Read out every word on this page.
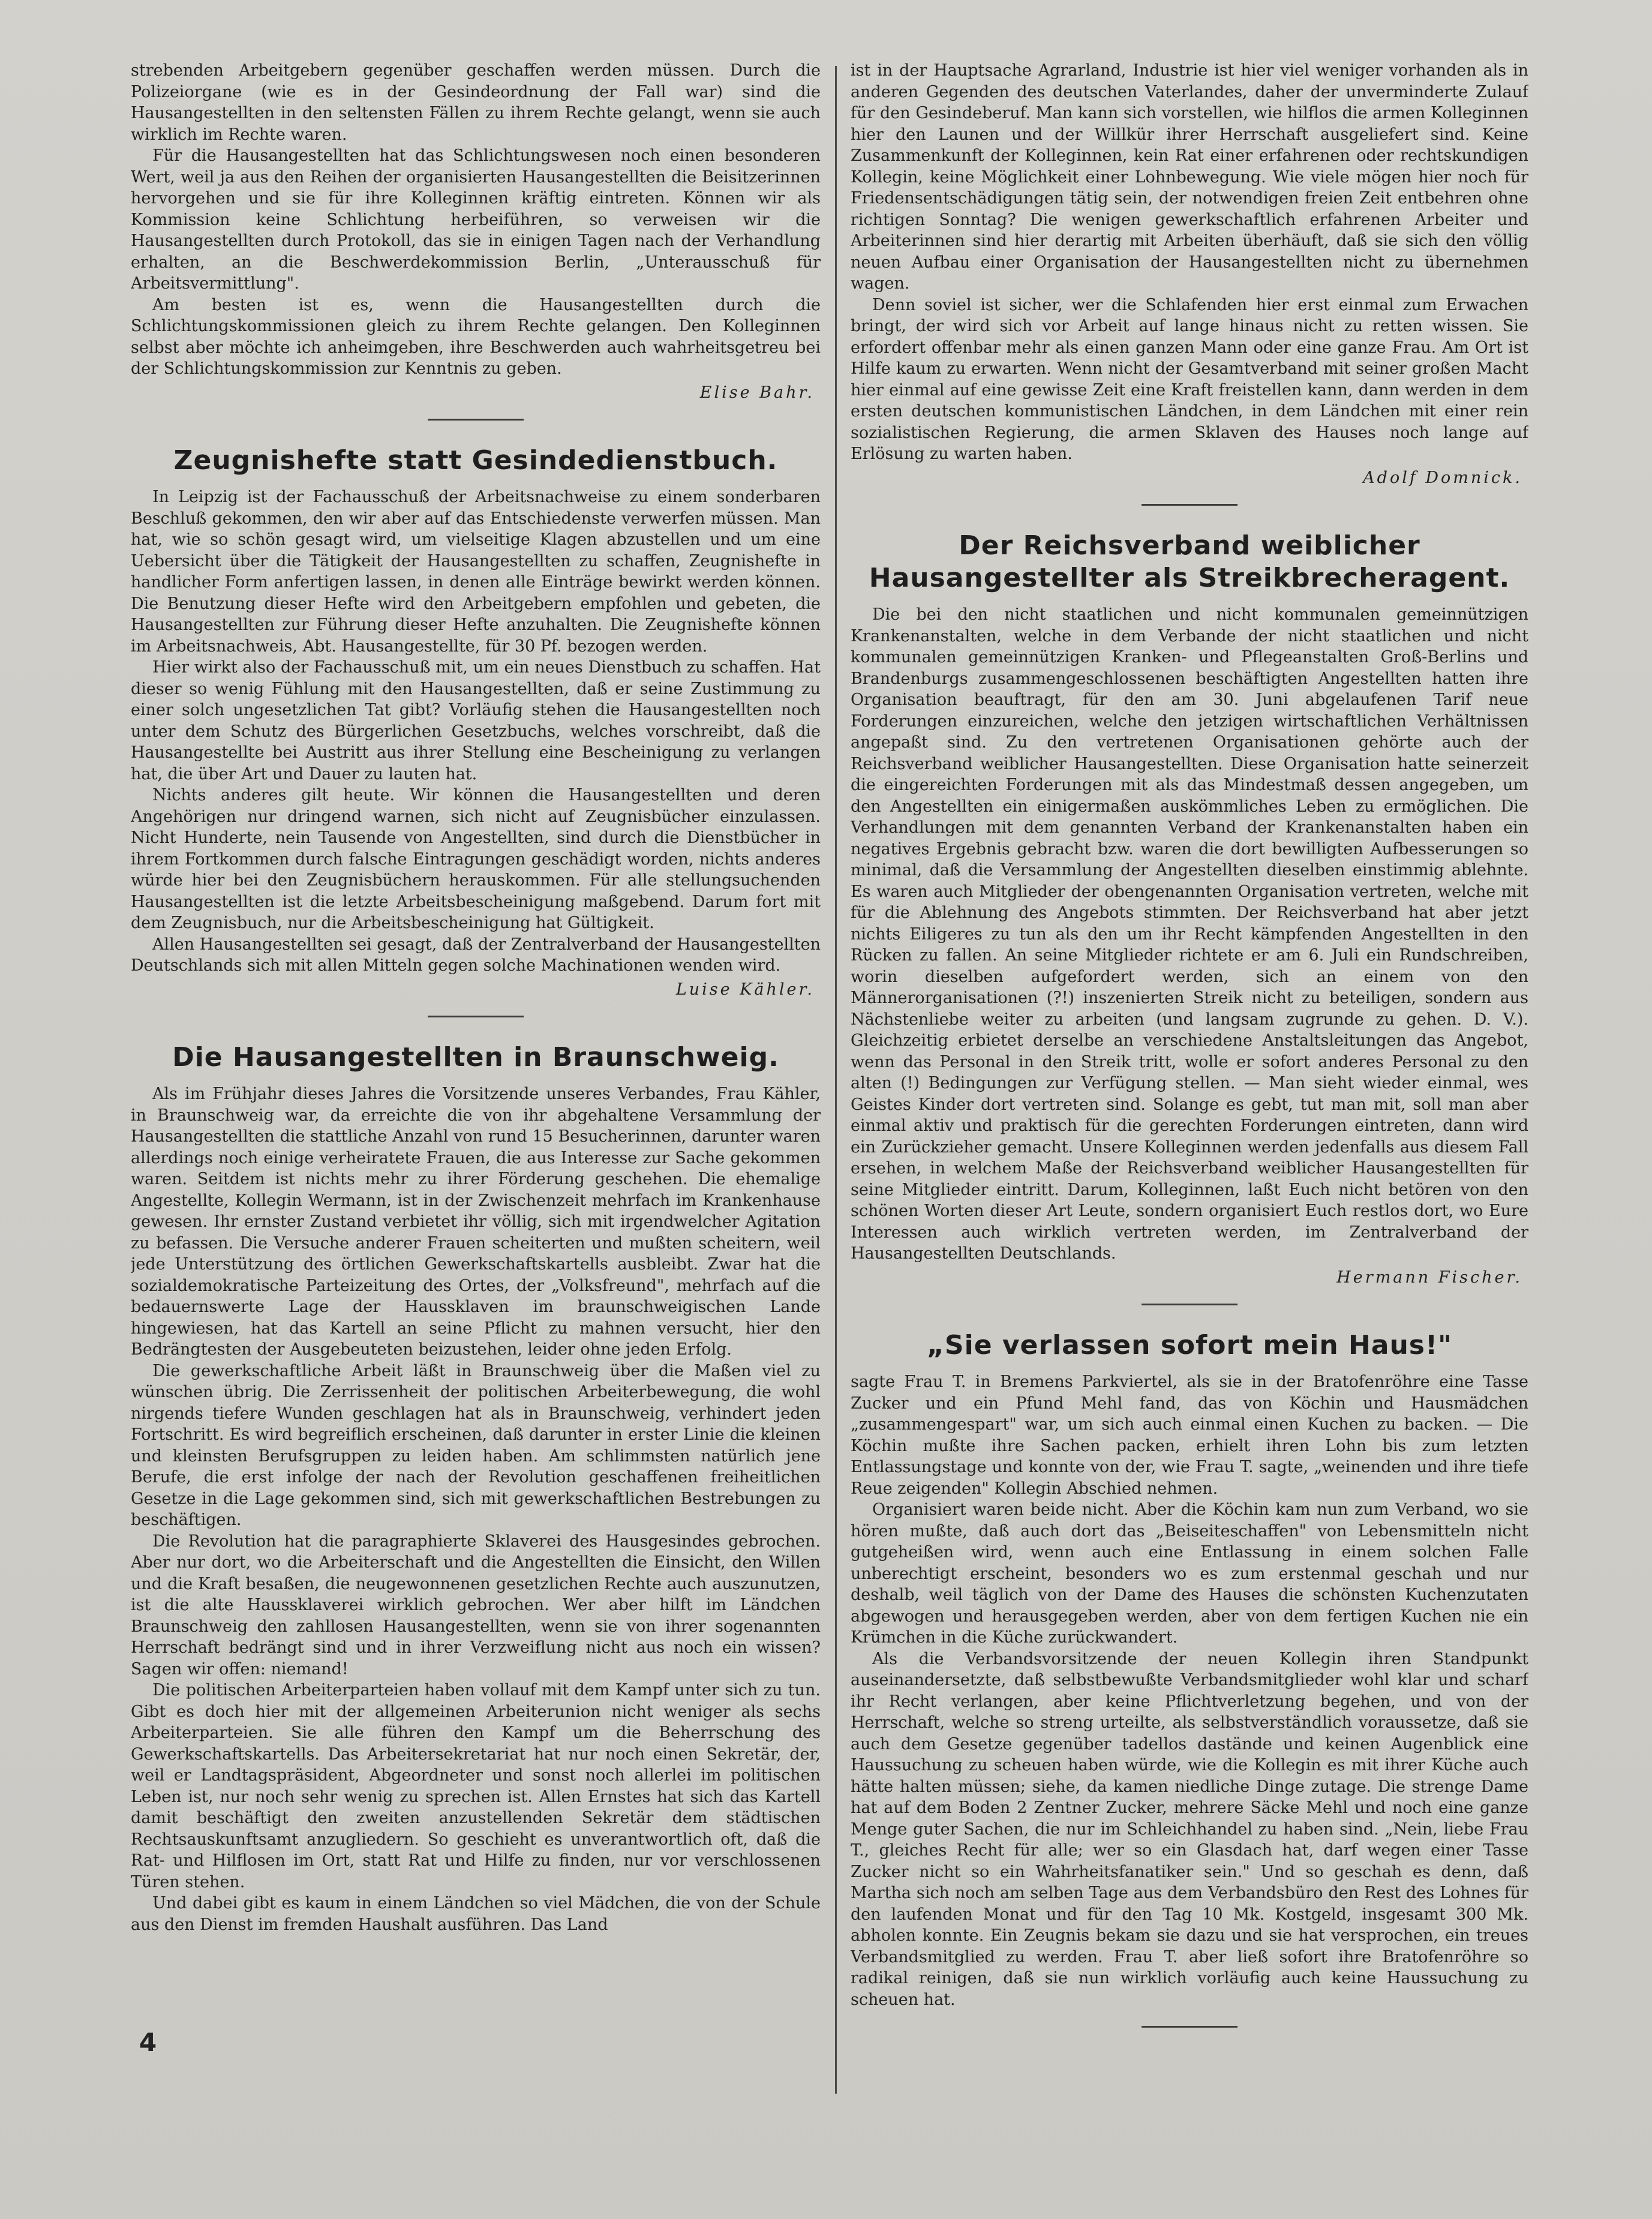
strebenden Arbeitgebern gegenüber geschaffen werden müssen. Durch die Polizeiorgane (wie es in der Gesindeordnung der Fall war) sind die Hausangestellten in den seltensten Fällen zu ihrem Rechte gelangt, wenn sie auch wirklich im Rechte waren.

Für die Hausangestellten hat das Schlichtungswesen noch einen besonderen Wert, weil ja aus den Reihen der organisierten Hausangestellten die Beisitzerinnen hervorgehen und sie für ihre Kolleginnen kräftig eintreten. Können wir als Kommission keine Schlichtung herbeiführen, so verweisen wir die Hausangestellten durch Protokoll, das sie in einigen Tagen nach der Verhandlung erhalten, an die Beschwerdekommission Berlin, „Unterausschuß für Arbeitsvermittlung".

Am besten ist es, wenn die Hausangestellten durch die Schlichtungskommissionen gleich zu ihrem Rechte gelangen. Den Kolleginnen selbst aber möchte ich anheimgeben, ihre Beschwerden auch wahrheitsgetreu bei der Schlichtungskommission zur Kenntnis zu geben.

Elise Bahr.
Zeugnishefte statt Gesindedienstbuch.

In Leipzig ist der Fachausschuß der Arbeitsnachweise zu einem sonderbaren Beschluß gekommen, den wir aber auf das Entschiedenste verwerfen müssen. Man hat, wie so schön gesagt wird, um vielseitige Klagen abzustellen und um eine Uebersicht über die Tätigkeit der Hausangestellten zu schaffen, Zeugnishefte in handlicher Form anfertigen lassen, in denen alle Einträge bewirkt werden können. Die Benutzung dieser Hefte wird den Arbeitgebern empfohlen und gebeten, die Hausangestellten zur Führung dieser Hefte anzuhalten. Die Zeugnishefte können im Arbeitsnachweis, Abt. Hausangestellte, für 30 Pf. bezogen werden.

Hier wirkt also der Fachausschuß mit, um ein neues Dienstbuch zu schaffen. Hat dieser so wenig Fühlung mit den Hausangestellten, daß er seine Zustimmung zu einer solch ungesetzlichen Tat gibt? Vorläufig stehen die Hausangestellten noch unter dem Schutz des Bürgerlichen Gesetzbuchs, welches vorschreibt, daß die Hausangestellte bei Austritt aus ihrer Stellung eine Bescheinigung zu verlangen hat, die über Art und Dauer zu lauten hat.

Nichts anderes gilt heute. Wir können die Hausangestellten und deren Angehörigen nur dringend warnen, sich nicht auf Zeugnisbücher einzulassen. Nicht Hunderte, nein Tausende von Angestellten, sind durch die Dienstbücher in ihrem Fortkommen durch falsche Eintragungen geschädigt worden, nichts anderes würde hier bei den Zeugnisbüchern herauskommen. Für alle stellungsuchenden Hausangestellten ist die letzte Arbeitsbescheinigung maßgebend. Darum fort mit dem Zeugnisbuch, nur die Arbeitsbescheinigung hat Gültigkeit.

Allen Hausangestellten sei gesagt, daß der Zentralverband der Hausangestellten Deutschlands sich mit allen Mitteln gegen solche Machinationen wenden wird.

Luise Kähler.
Die Hausangestellten in Braunschweig.

Als im Frühjahr dieses Jahres die Vorsitzende unseres Verbandes, Frau Kähler, in Braunschweig war, da erreichte die von ihr abgehaltene Versammlung der Hausangestellten die stattliche Anzahl von rund 15 Besucherinnen, darunter waren allerdings noch einige verheiratete Frauen, die aus Interesse zur Sache gekommen waren. Seitdem ist nichts mehr zu ihrer Förderung geschehen. Die ehemalige Angestellte, Kollegin Wermann, ist in der Zwischenzeit mehrfach im Krankenhause gewesen. Ihr ernster Zustand verbietet ihr völlig, sich mit irgendwelcher Agitation zu befassen. Die Versuche anderer Frauen scheiterten und mußten scheitern, weil jede Unterstützung des örtlichen Gewerkschaftskartells ausbleibt. Zwar hat die sozialdemokratische Parteizeitung des Ortes, der „Volksfreund", mehrfach auf die bedauernswerte Lage der Haussklaven im braunschweigischen Lande hingewiesen, hat das Kartell an seine Pflicht zu mahnen versucht, hier den Bedrängtesten der Ausgebeuteten beizustehen, leider ohne jeden Erfolg.

Die gewerkschaftliche Arbeit läßt in Braunschweig über die Maßen viel zu wünschen übrig. Die Zerrissenheit der politischen Arbeiterbewegung, die wohl nirgends tiefere Wunden geschlagen hat als in Braunschweig, verhindert jeden Fortschritt. Es wird begreiflich erscheinen, daß darunter in erster Linie die kleinen und kleinsten Berufsgruppen zu leiden haben. Am schlimmsten natürlich jene Berufe, die erst infolge der nach der Revolution geschaffenen freiheitlichen Gesetze in die Lage gekommen sind, sich mit gewerkschaftlichen Bestrebungen zu beschäftigen.

Die Revolution hat die paragraphierte Sklaverei des Hausgesindes gebrochen. Aber nur dort, wo die Arbeiterschaft und die Angestellten die Einsicht, den Willen und die Kraft besaßen, die neugewonnenen gesetzlichen Rechte auch auszunutzen, ist die alte Haussklaverei wirklich gebrochen. Wer aber hilft im Ländchen Braunschweig den zahllosen Hausangestellten, wenn sie von ihrer sogenannten Herrschaft bedrängt sind und in ihrer Verzweiflung nicht aus noch ein wissen? Sagen wir offen: niemand!

Die politischen Arbeiterparteien haben vollauf mit dem Kampf unter sich zu tun. Gibt es doch hier mit der allgemeinen Arbeiterunion nicht weniger als sechs Arbeiterparteien. Sie alle führen den Kampf um die Beherrschung des Gewerkschaftskartells. Das Arbeitersekretariat hat nur noch einen Sekretär, der, weil er Landtagspräsident, Abgeordneter und sonst noch allerlei im politischen Leben ist, nur noch sehr wenig zu sprechen ist. Allen Ernstes hat sich das Kartell damit beschäftigt den zweiten anzustellenden Sekretär dem städtischen Rechtsauskunftsamt anzugliedern. So geschieht es unverantwortlich oft, daß die Rat- und Hilflosen im Ort, statt Rat und Hilfe zu finden, nur vor verschlossenen Türen stehen.

Und dabei gibt es kaum in einem Ländchen so viel Mädchen, die von der Schule aus den Dienst im fremden Haushalt ausführen. Das Land

ist in der Hauptsache Agrarland, Industrie ist hier viel weniger vorhanden als in anderen Gegenden des deutschen Vaterlandes, daher der unverminderte Zulauf für den Gesindeberuf. Man kann sich vorstellen, wie hilflos die armen Kolleginnen hier den Launen und der Willkür ihrer Herrschaft ausgeliefert sind. Keine Zusammenkunft der Kolleginnen, kein Rat einer erfahrenen oder rechtskundigen Kollegin, keine Möglichkeit einer Lohnbewegung. Wie viele mögen hier noch für Friedensentschädigungen tätig sein, der notwendigen freien Zeit entbehren ohne richtigen Sonntag? Die wenigen gewerkschaftlich erfahrenen Arbeiter und Arbeiterinnen sind hier derartig mit Arbeiten überhäuft, daß sie sich den völlig neuen Aufbau einer Organisation der Hausangestellten nicht zu übernehmen wagen.

Denn soviel ist sicher, wer die Schlafenden hier erst einmal zum Erwachen bringt, der wird sich vor Arbeit auf lange hinaus nicht zu retten wissen. Sie erfordert offenbar mehr als einen ganzen Mann oder eine ganze Frau. Am Ort ist Hilfe kaum zu erwarten. Wenn nicht der Gesamtverband mit seiner großen Macht hier einmal auf eine gewisse Zeit eine Kraft freistellen kann, dann werden in dem ersten deutschen kommunistischen Ländchen, in dem Ländchen mit einer rein sozialistischen Regierung, die armen Sklaven des Hauses noch lange auf Erlösung zu warten haben.

Adolf Domnick.
Der Reichsverband weiblicher Hausangestellter als Streikbrecheragent.

Die bei den nicht staatlichen und nicht kommunalen gemeinnützigen Krankenanstalten, welche in dem Verbande der nicht staatlichen und nicht kommunalen gemeinnützigen Kranken- und Pflegeanstalten Groß-Berlins und Brandenburgs zusammengeschlossenen beschäftigten Angestellten hatten ihre Organisation beauftragt, für den am 30. Juni abgelaufenen Tarif neue Forderungen einzureichen, welche den jetzigen wirtschaftlichen Verhältnissen angepaßt sind. Zu den vertretenen Organisationen gehörte auch der Reichsverband weiblicher Hausangestellten. Diese Organisation hatte seinerzeit die eingereichten Forderungen mit als das Mindestmaß dessen angegeben, um den Angestellten ein einigermaßen auskömmliches Leben zu ermöglichen. Die Verhandlungen mit dem genannten Verband der Krankenanstalten haben ein negatives Ergebnis gebracht bzw. waren die dort bewilligten Aufbesserungen so minimal, daß die Versammlung der Angestellten dieselben einstimmig ablehnte. Es waren auch Mitglieder der obengenannten Organisation vertreten, welche mit für die Ablehnung des Angebots stimmten. Der Reichsverband hat aber jetzt nichts Eiligeres zu tun als den um ihr Recht kämpfenden Angestellten in den Rücken zu fallen. An seine Mitglieder richtete er am 6. Juli ein Rundschreiben, worin dieselben aufgefordert werden, sich an einem von den Männerorganisationen (?!) inszenierten Streik nicht zu beteiligen, sondern aus Nächstenliebe weiter zu arbeiten (und langsam zugrunde zu gehen. D. V.). Gleichzeitig erbietet derselbe an verschiedene Anstaltsleitungen das Angebot, wenn das Personal in den Streik tritt, wolle er sofort anderes Personal zu den alten (!) Bedingungen zur Verfügung stellen. — Man sieht wieder einmal, wes Geistes Kinder dort vertreten sind. Solange es gebt, tut man mit, soll man aber einmal aktiv und praktisch für die gerechten Forderungen eintreten, dann wird ein Zurückzieher gemacht. Unsere Kolleginnen werden jedenfalls aus diesem Fall ersehen, in welchem Maße der Reichsverband weiblicher Hausangestellten für seine Mitglieder eintritt. Darum, Kolleginnen, laßt Euch nicht betören von den schönen Worten dieser Art Leute, sondern organisiert Euch restlos dort, wo Eure Interessen auch wirklich vertreten werden, im Zentralverband der Hausangestellten Deutschlands.

Hermann Fischer.
„Sie verlassen sofort mein Haus!"

sagte Frau T. in Bremens Parkviertel, als sie in der Bratofenröhre eine Tasse Zucker und ein Pfund Mehl fand, das von Köchin und Hausmädchen „zusammengespart" war, um sich auch einmal einen Kuchen zu backen. — Die Köchin mußte ihre Sachen packen, erhielt ihren Lohn bis zum letzten Entlassungstage und konnte von der, wie Frau T. sagte, „weinenden und ihre tiefe Reue zeigenden" Kollegin Abschied nehmen.

Organisiert waren beide nicht. Aber die Köchin kam nun zum Verband, wo sie hören mußte, daß auch dort das „Beiseiteschaffen" von Lebensmitteln nicht gutgeheißen wird, wenn auch eine Entlassung in einem solchen Falle unberechtigt erscheint, besonders wo es zum erstenmal geschah und nur deshalb, weil täglich von der Dame des Hauses die schönsten Kuchenzutaten abgewogen und herausgegeben werden, aber von dem fertigen Kuchen nie ein Krümchen in die Küche zurückwandert.

Als die Verbandsvorsitzende der neuen Kollegin ihren Standpunkt auseinandersetzte, daß selbstbewußte Verbandsmitglieder wohl klar und scharf ihr Recht verlangen, aber keine Pflichtverletzung begehen, und von der Herrschaft, welche so streng urteilte, als selbstverständlich voraussetze, daß sie auch dem Gesetze gegenüber tadellos dastände und keinen Augenblick eine Haussuchung zu scheuen haben würde, wie die Kollegin es mit ihrer Küche auch hätte halten müssen; siehe, da kamen niedliche Dinge zutage. Die strenge Dame hat auf dem Boden 2 Zentner Zucker, mehrere Säcke Mehl und noch eine ganze Menge guter Sachen, die nur im Schleichhandel zu haben sind. „Nein, liebe Frau T., gleiches Recht für alle; wer so ein Glasdach hat, darf wegen einer Tasse Zucker nicht so ein Wahrheitsfanatiker sein." Und so geschah es denn, daß Martha sich noch am selben Tage aus dem Verbandsbüro den Rest des Lohnes für den laufenden Monat und für den Tag 10 Mk. Kostgeld, insgesamt 300 Mk. abholen konnte. Ein Zeugnis bekam sie dazu und sie hat versprochen, ein treues Verbandsmitglied zu werden. Frau T. aber ließ sofort ihre Bratofenröhre so radikal reinigen, daß sie nun wirklich vorläufig auch keine Haussuchung zu scheuen hat.

4
